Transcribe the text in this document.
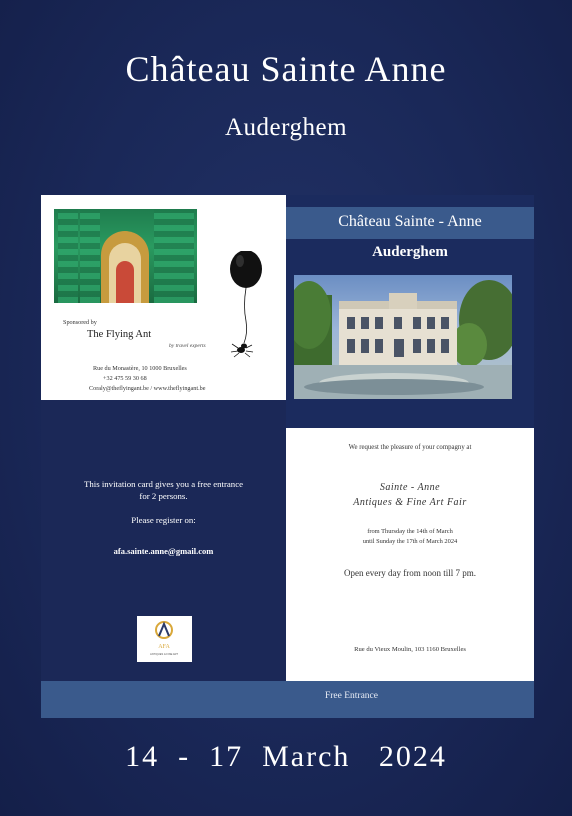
Château Sainte Anne
Auderghem
Sponsored by
The Flying Ant
by travel experts
Rue du Monastère, 10 1000 Bruxelles
+32 475 59 30 68
Coraly@theflyingant.be / www.theflyingant.be
Château Sainte - Anne
Auderghem
This invitation card gives you a free entrance
for 2 persons.
Please register on:
afa.sainte.anne@gmail.com
AFA
ANTIQUES & FINE ART
We request the pleasure of your compagny at
Sainte - Anne
Antiques & Fine Art Fair
from Thursday the 14th of March
until Sunday the 17th of March 2024
Open every day from noon till 7 pm.
Rue du Vieux Moulin, 103 1160 Bruxelles
Free Entrance
14  -  17  March   2024
